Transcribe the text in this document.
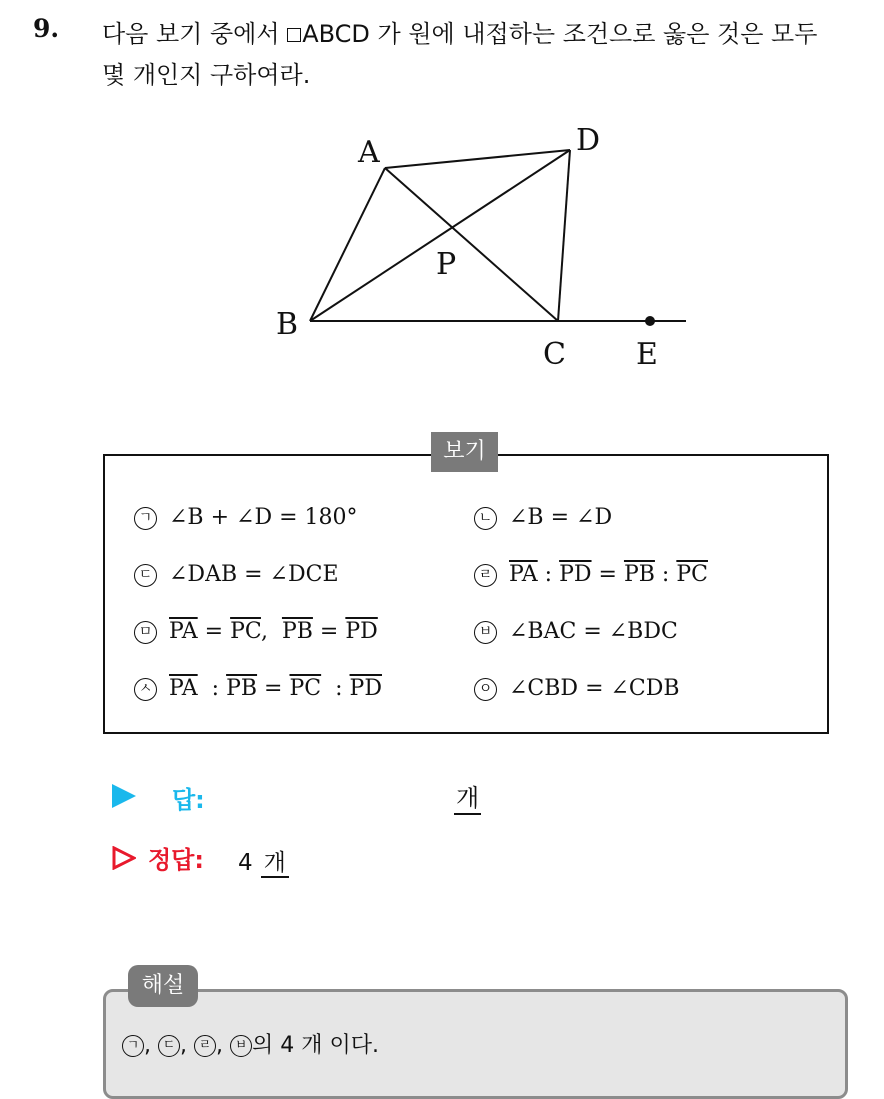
9. 다음 보기 중에서 ABCD 가 원에 내접하는 조건으로 옳은 것은 모두
몇 개인지 구하여라.
A	D
P
B
C E
보기
ㄱ ∠B + ∠D = 180°	ㄴ ∠B = ∠D
ㄷ ∠DAB = ∠DCE	ㄹ $\overline{PA}$ : $\overline{PD} = \overline{PB}$ : $\overline{PC}$
ㅁ $\overline{PA} = \overline{PC}$,  $\overline{PB} = \overline{PD}$	ㅂ ∠BAC = ∠BDC
ㅅ $\overline{PA}$  : $\overline{PB} = \overline{PC}$  : $\overline{PD}$	ㅇ ∠CBD = ∠CDB
답:	개
정답: 4 개
해설
ㄱ , ㄷ , ㄹ , ㅂ 의 4 개 이다.
